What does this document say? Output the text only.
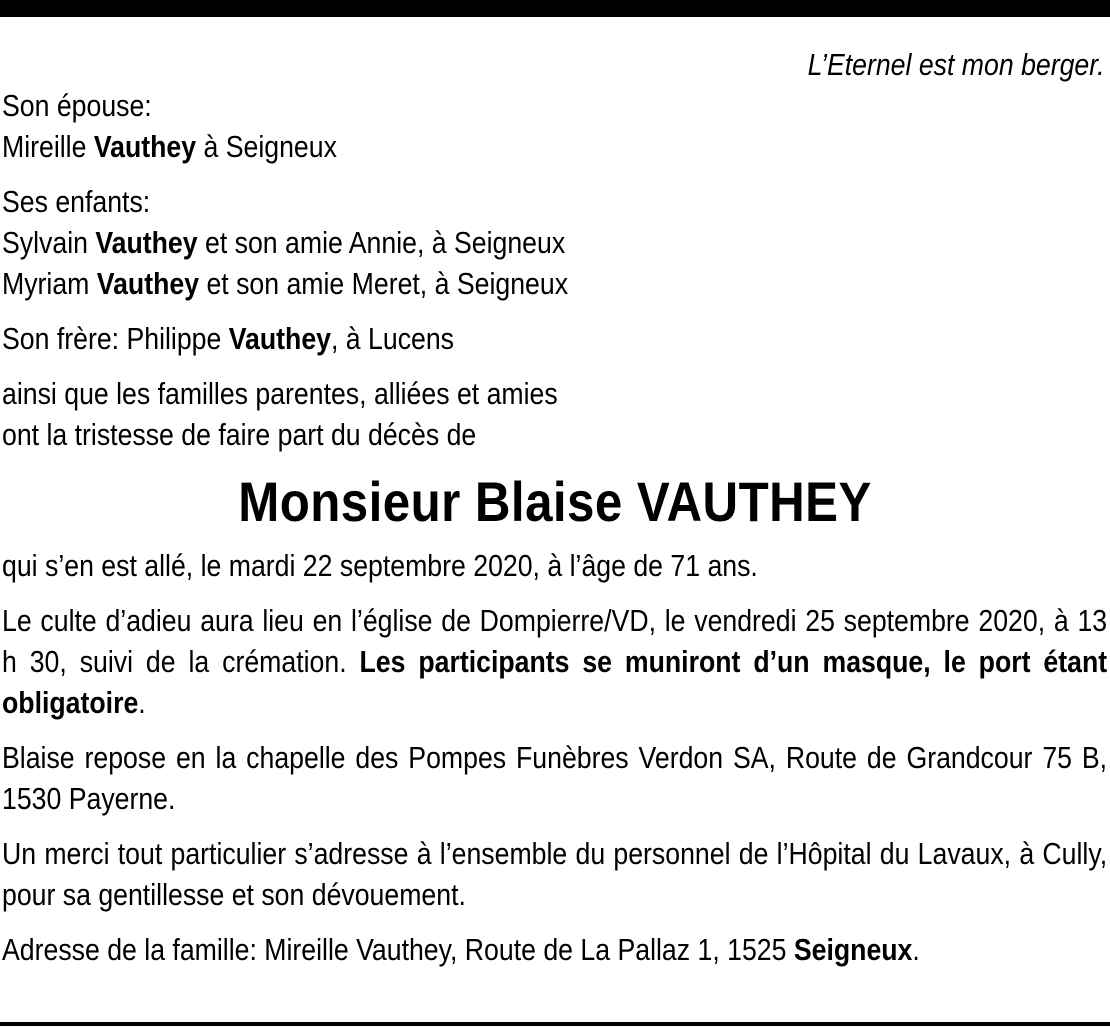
L’Eternel est mon berger.
Son épouse:
Mireille Vauthey à Seigneux
Ses enfants:
Sylvain Vauthey et son amie Annie, à Seigneux
Myriam Vauthey et son amie Meret, à Seigneux
Son frère: Philippe Vauthey, à Lucens
ainsi que les familles parentes, alliées et amies
ont la tristesse de faire part du décès de
Monsieur Blaise VAUTHEY
qui s’en est allé, le mardi 22 septembre 2020, à l’âge de 71 ans.
Le culte d’adieu aura lieu en l’église de Dompierre/VD, le vendredi 25 septembre 2020, à 13 h 30, suivi de la crémation. Les participants se muniront d’un masque, le port étant obligatoire.
Blaise repose en la chapelle des Pompes Funèbres Verdon SA, Route de Grandcour 75 B, 1530 Payerne.
Un merci tout particulier s’adresse à l’ensemble du personnel de l’Hôpital du Lavaux, à Cully, pour sa gentillesse et son dévouement.
Adresse de la famille: Mireille Vauthey, Route de La Pallaz 1, 1525 Seigneux.
